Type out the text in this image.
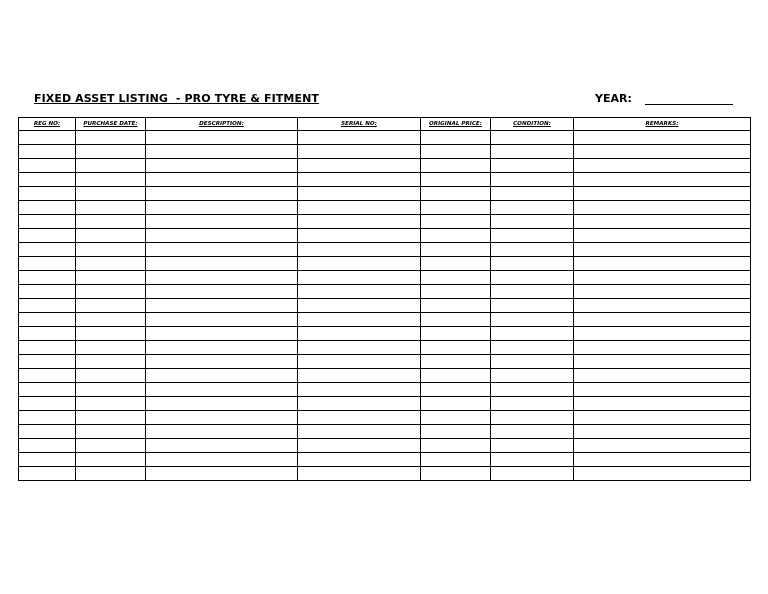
FIXED ASSET LISTING  - PRO TYRE & FITMENT	YEAR:
REG NO:	PURCHASE DATE:	DESCRIPTION:	SERIAL NO:	ORIGINAL PRICE:	CONDITION:	REMARKS:
